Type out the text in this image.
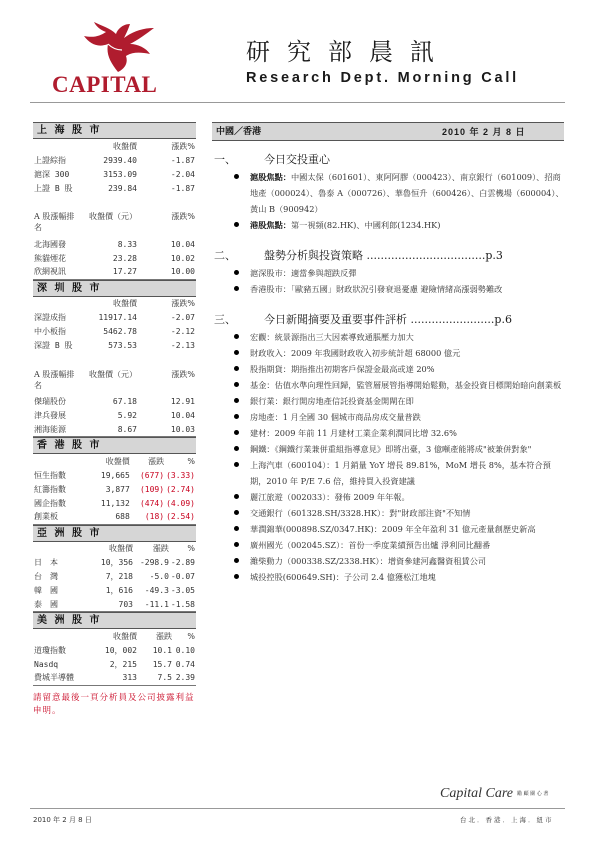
CAPITAL
研究部晨訊
Research Dept. Morning Call
上 海 股 市
	收盤價	漲跌%
上證綜指	2939.40	-1.87
滬深 300	3153.09	-2.04
上證 B 股	239.84	-1.87

A 股漲幅排名	收盤價（元）	漲跌%
北海國發	8.33	10.04
熊貓煙花	23.28	10.02
欣網視訊	17.27	10.00
深 圳 股 市
	收盤價	漲跌%
深證成指	11917.14	-2.07
中小板指	5462.78	-2.12
深證 B 股	573.53	-2.13

A 股漲幅排名	收盤價（元）	漲跌%
傑瑞股份	67.18	12.91
津兵發展	5.92	10.04
湘海能源	8.67	10.03
香 港 股 市
	收盤價	漲跌	%
恒生指數	19,665	(677)	(3.33)
紅籌指數	3,877	(109)	(2.74)
國企指數	11,132	(474)	(4.09)
創業板	688	(18)	(2.54)
亞 洲 股 市
	收盤價	漲跌	%
日　本	10，356	-298.9	-2.89
台　灣	7，218	-5.0	-0.07
韓　國	1，616	-49.3	-3.05
泰　國	703	-11.1	-1.58
美 洲 股 市
	收盤價	漲跌	%
道瓊指數	10，002	10.1	0.10
Nasdq	2，215	15.7	0.74
費城半導體	313	7.5	2.39
請留意最後一頁分析員及公司披露利益申明。
中國／香港	2010 年 2 月 8 日
一、	今日交投重心
滬股焦點：中國太保（601601）、東阿阿膠（000423）、南京銀行（601009）、招商地產（000024）、魯泰 A（000726）、華魯恒升（600426）、白雲機場（600004）、黃山 B（900942）
港股焦點：第一視頻(82.HK)、中國利郎(1234.HK)
二、	盤勢分析與投資策略 ..................................p.3
滬深股市：適當參與超跌反彈
香港股市：「歐豬五國」財政狀況引發衰退憂慮 避險情緒高漲弱勢難改
三、	今日新聞摘要及重要事件評析 ........................p.6
宏觀：統景源指出三大因素導致通脹壓力加大
財政收入：2009 年我國財政收入初步統計超 68000 億元
股指期貨：期指推出初期客戶保證金最高或達 20%
基金：估值水準向理性回歸，監管層展管指導開始鬆動，基金投資目標開始暗向創業板
銀行業：銀行開房地產信託投資基金開閘在即
房地產：1 月全國 30 個城市商品房成交量普跌
建材：2009 年前 11 月建材工業企業利潤同比增 32.6%
鋼鐵：《鋼鐵行業兼併重組指導意見》即將出臺，3 億噸產能將成"被兼併對象"
上海汽車（600104）：1 月銷量 YoY 增長 89.81%，MoM 增長 8%，基本符合預期，2010 年 P/E 7.6 倍，維持買入投資建議
麗江旅遊（002033）：發佈 2009 年年報。
交通銀行（601328.SH/3328.HK）：對"財政部注資"不知情
華潤錦華(000898.SZ/0347.HK)：2009 年全年盈利 31 億元產量創歷史新高
廣州國光（002045.SZ）：首份一季度業績預告出爐 淨利同比翻番
濰柴動力（000338.SZ/2338.HK）：增資參建河鑫醫資租賃公司
城投控股(600649.SH)：子公司 2.4 億獲松江地塊
Capital Care 勵 顧 關 心 著
2010 年 2 月 8 日	台北．香港．上海．紐市
